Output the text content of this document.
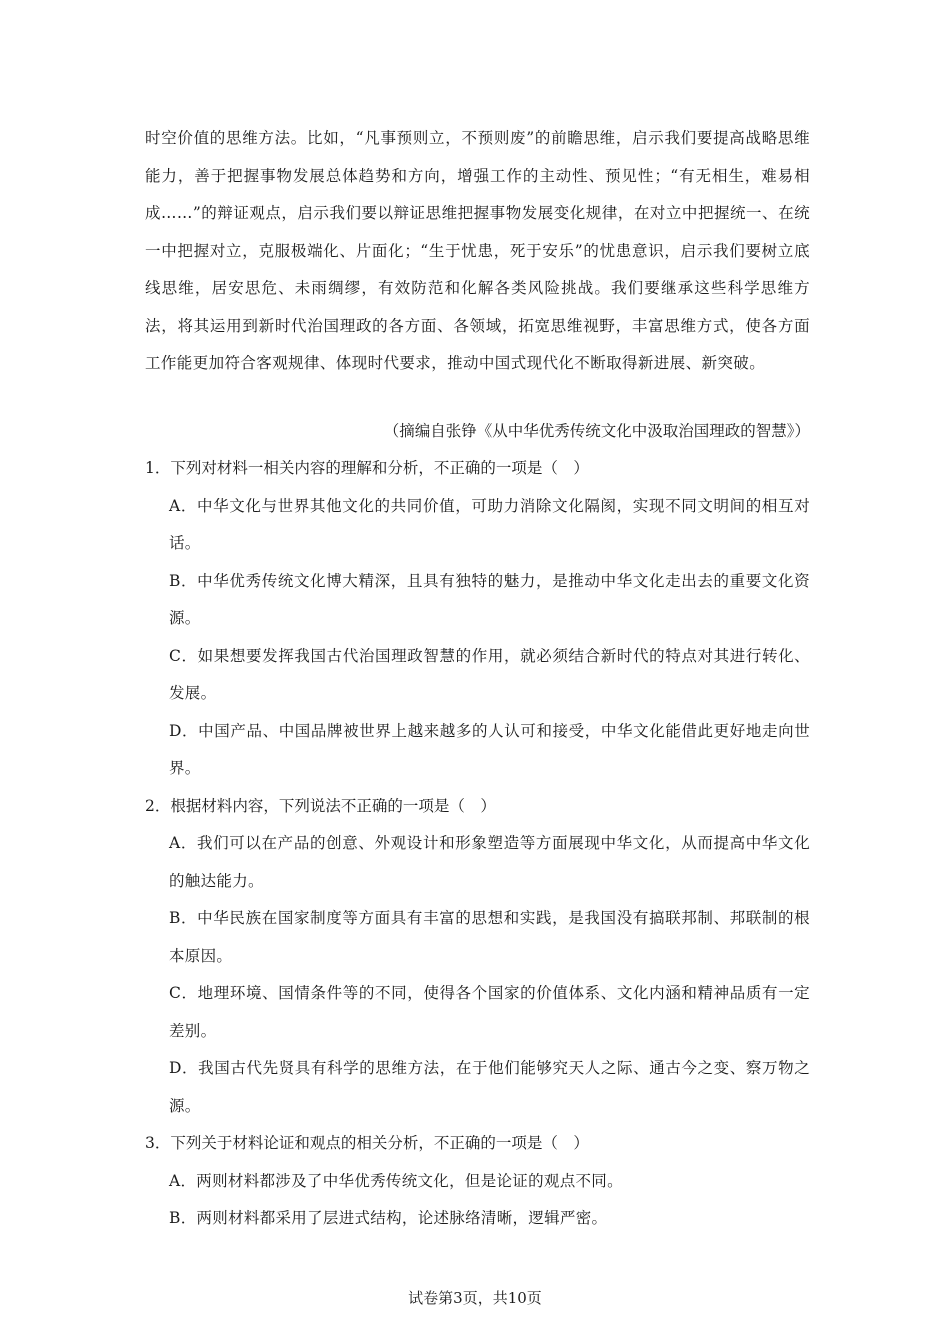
时空价值的思维方法。比如，“凡事预则立，不预则废”的前瞻思维，启示我们要提高战略思维能力，善于把握事物发展总体趋势和方向，增强工作的主动性、预见性；“有无相生，难易相成……”的辩证观点，启示我们要以辩证思维把握事物发展变化规律，在对立中把握统一、在统一中把握对立，克服极端化、片面化；“生于忧患，死于安乐”的忧患意识，启示我们要树立底线思维，居安思危、未雨绸缪，有效防范和化解各类风险挑战。我们要继承这些科学思维方法，将其运用到新时代治国理政的各方面、各领域，拓宽思维视野，丰富思维方式，使各方面工作能更加符合客观规律、体现时代要求，推动中国式现代化不断取得新进展、新突破。

（摘编自张铮《从中华优秀传统文化中汲取治国理政的智慧》）
1．下列对材料一相关内容的理解和分析，不正确的一项是（　）
A．中华文化与世界其他文化的共同价值，可助力消除文化隔阂，实现不同文明间的相互对话。
B．中华优秀传统文化博大精深，且具有独特的魅力，是推动中华文化走出去的重要文化资源。
C．如果想要发挥我国古代治国理政智慧的作用，就必须结合新时代的特点对其进行转化、发展。
D．中国产品、中国品牌被世界上越来越多的人认可和接受，中华文化能借此更好地走向世界。
2．根据材料内容，下列说法不正确的一项是（　）
A．我们可以在产品的创意、外观设计和形象塑造等方面展现中华文化，从而提高中华文化的触达能力。
B．中华民族在国家制度等方面具有丰富的思想和实践，是我国没有搞联邦制、邦联制的根本原因。
C．地理环境、国情条件等的不同，使得各个国家的价值体系、文化内涵和精神品质有一定差别。
D．我国古代先贤具有科学的思维方法，在于他们能够究天人之际、通古今之变、察万物之源。
3．下列关于材料论证和观点的相关分析，不正确的一项是（　）
A．两则材料都涉及了中华优秀传统文化，但是论证的观点不同。
B．两则材料都采用了层进式结构，论述脉络清晰，逻辑严密。
试卷第3页，共10页
